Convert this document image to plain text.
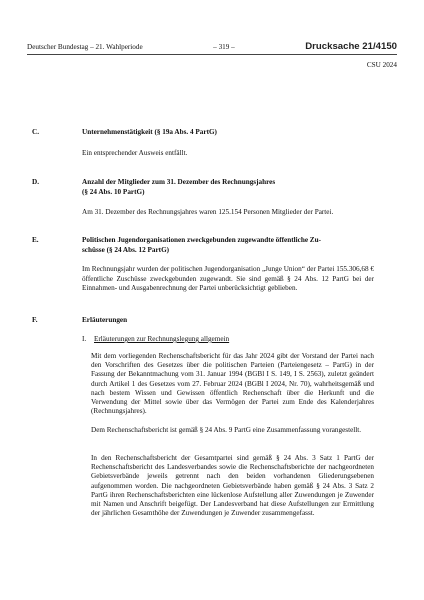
Deutscher Bundestag – 21. Wahlperiode	– 319 –	Drucksache 21/4150
CSU 2024
C.	Unternehmenstätigkeit (§ 19a Abs. 4 PartG)
Ein entsprechender Ausweis entfällt.
D.	Anzahl der Mitglieder zum 31. Dezember des Rechnungsjahres
(§ 24 Abs. 10 PartG)
Am 31. Dezember des Rechnungsjahres waren 125.154 Personen Mitglieder der Partei.
E.	Politischen Jugendorganisationen zweckgebunden zugewandte öffentliche Zu-
schüsse (§ 24 Abs. 12 PartG)
Im Rechnungsjahr wurden der politischen Jugendorganisation „Junge Union“ der Partei 155.306,68 € öffentliche Zuschüsse zweckgebunden zugewandt. Sie sind gemäß § 24 Abs. 12 PartG bei der Einnahmen- und Ausgabenrechnung der Partei unberücksichtigt geblieben.
F.	Erläuterungen
I. Erläuterungen zur Rechnungslegung allgemein
Mit dem vorliegenden Rechenschaftsbericht für das Jahr 2024 gibt der Vorstand der Partei nach den Vorschriften des Gesetzes über die politischen Parteien (Parteiengesetz – PartG) in der Fassung der Bekanntmachung vom 31. Januar 1994 (BGBl I S. 149, I S. 2563), zuletzt geändert durch Artikel 1 des Gesetzes vom 27. Februar 2024 (BGBl I 2024, Nr. 70), wahrheitsgemäß und nach bestem Wissen und Gewissen öffentlich Rechenschaft über die Herkunft und die Verwendung der Mittel sowie über das Vermögen der Partei zum Ende des Kalenderjahres (Rechnungsjahres).
Dem Rechenschaftsbericht ist gemäß § 24 Abs. 9 PartG eine Zusammenfassung vorangestellt.
In den Rechenschaftsbericht der Gesamtpartei sind gemäß § 24 Abs. 3 Satz 1 PartG der Rechenschaftsbericht des Landesverbandes sowie die Rechenschaftsberichte der nachgeordneten Gebietsverbände jeweils getrennt nach den beiden vorhandenen Gliederungsebenen aufgenommen worden. Die nachgeordneten Gebietsverbände haben gemäß § 24 Abs. 3 Satz 2 PartG ihren Rechenschaftsberichten eine lückenlose Aufstellung aller Zuwendungen je Zuwender mit Namen und Anschrift beigefügt. Der Landesverband hat diese Aufstellungen zur Ermittlung der jährlichen Gesamthöhe der Zuwendungen je Zuwender zusammengefasst.
